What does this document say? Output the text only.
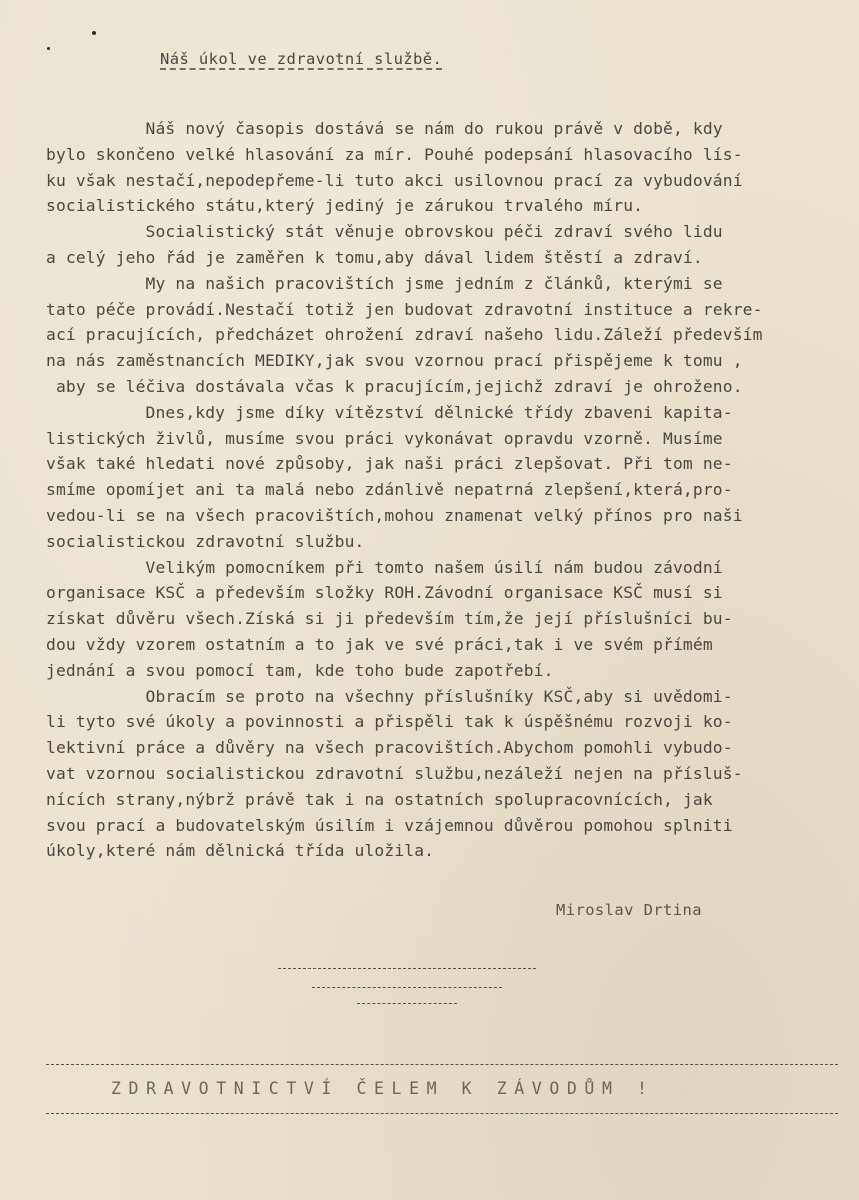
Náš úkol ve zdravotní službě.
Náš nový časopis dostává se nám do rukou právě v době, kdy
bylo skončeno velké hlasování za mír. Pouhé podepsání hlasovacího lís-
ku však nestačí,nepodepřeme-li tuto akci usilovnou prací za vybudování
socialistického státu,který jediný je zárukou trvalého míru.
Socialistický stát věnuje obrovskou péči zdraví svého lidu
a celý jeho řád je zaměřen k tomu,aby dával lidem štěstí a zdraví.
My na našich pracovištích jsme jedním z článků, kterými se
tato péče provádí.Nestačí totiž jen budovat zdravotní instituce a rekre-
ací pracujících, předcházet ohrožení zdraví našeho lidu.Záleží především
na nás zaměstnancích MEDIKY,jak svou vzornou prací přispějeme k tomu ,
aby se léčiva dostávala včas k pracujícím,jejichž zdraví je ohroženo.
Dnes,kdy jsme díky vítězství dělnické třídy zbaveni kapita-
listických živlů, musíme svou práci vykonávat opravdu vzorně. Musíme
však také hledati nové způsoby, jak naši práci zlepšovat. Při tom ne-
smíme opomíjet ani ta malá nebo zdánlivě nepatrná zlepšení,která,pro-
vedou-li se na všech pracovištích,mohou znamenat velký přínos pro naši
socialistickou zdravotní službu.
Velikým pomocníkem při tomto našem úsilí nám budou závodní
organisace KSČ a především složky ROH.Závodní organisace KSČ musí si
získat důvěru všech.Získá si ji především tím,že její příslušníci bu-
dou vždy vzorem ostatním a to jak ve své práci,tak i ve svém přímém
jednání a svou pomocí tam, kde toho bude zapotřebí.
Obracím se proto na všechny příslušníky KSČ,aby si uvědomi-
li tyto své úkoly a povinnosti a přispěli tak k úspěšnému rozvoji ko-
lektivní práce a důvěry na všech pracovištích.Abychom pomohli vybudo-
vat vzornou socialistickou zdravotní službu,nezáleží nejen na přísluš-
nících strany,nýbrž právě tak i na ostatních spolupracovnících, jak
svou prací a budovatelským úsilím i vzájemnou důvěrou pomohou splniti
úkoly,které nám dělnická třída uložila.
Miroslav Drtina
ZDRAVOTNICTVÍ ČELEM K ZÁVODŮM !
